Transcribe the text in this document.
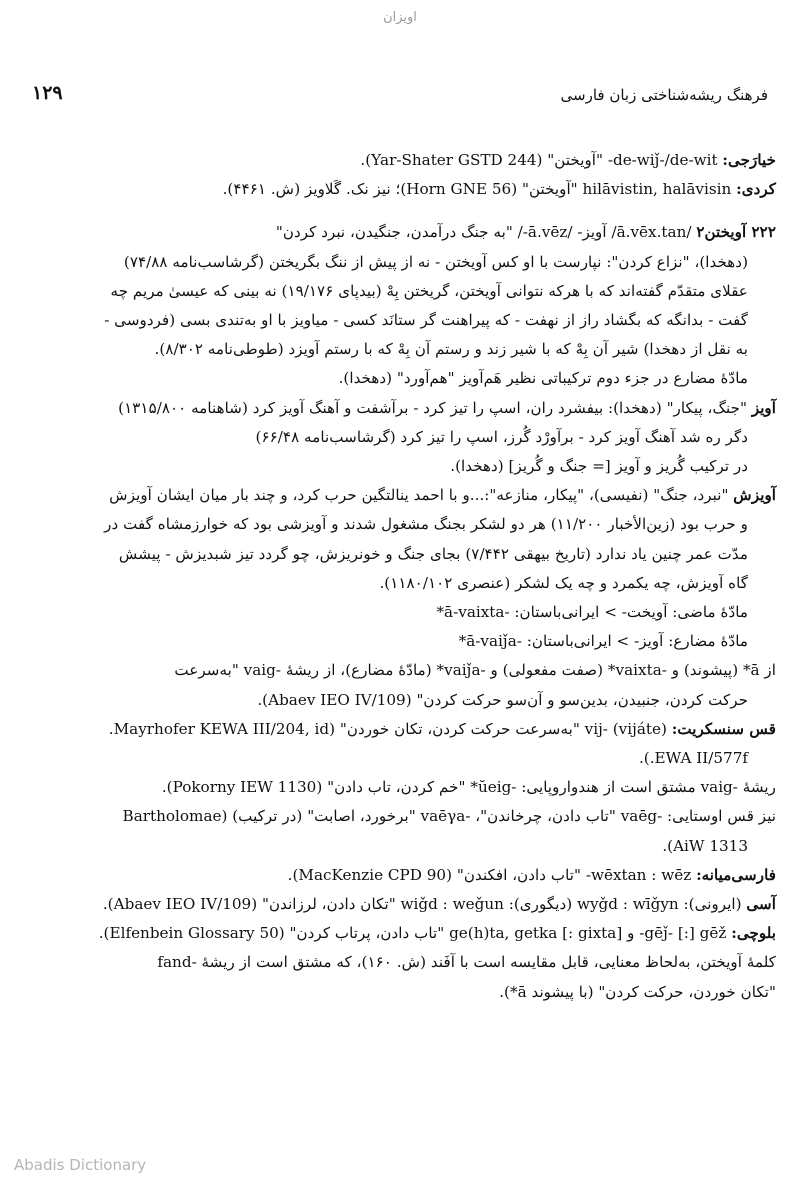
اویزان
۱۲۹	فرهنگ ریشه‌شناختی زبان فارسی

خیارَجی: de-wiǰ-/de-wit- "آویختن" (Yar-Shater GSTD 244).

کردی: hilāvistin, halāvisin "آویختن" (Horn GNE 56)؛ نیز نک. گَلاویز (ش. ۴۴۶۱).

۲۲۲ آویختن۲ /ā.vēx.tan/ آویز- /ā.vēz-/ "به جنگ درآمدن، جنگیدن، نبرد کردن"

(دهخدا)، "نزاع کردن": نپارست با او کس آویختن - نه از پیش از ننگ بگریختن (گرشاسب‌نامه ۷۴/۸۸)

عقلای متقدّم گفته‌اند که با هرکه نتوانی آویختن، گریختن بِهْ (بیدپای ۱۹/۱۷۶) نه بینی که عیسیٰ مریم چه

گفت - بدانگه که بگشاد راز از نهفت - که پیراهنت گر ستانَد کسی - میاویز با او به‌تندی بسی (فردوسی -

به نقل از دهخدا) شیر آن بِهْ که با شیر زند و رستم آن بِهْ که با رستم آویزد (طوطی‌نامه ۸/۳۰۲).

مادّهٔ مضارع در جزء دوم ترکیباتی نظیر هَم‌آویز "هم‌آورد" (دهخدا).

آویز "جنگ، پیکار" (دهخدا): بیفشرد ران، اسپ را تیز کرد - برآشفت و آهنگ آویز کرد (شاهنامه ۱۳۱۵/۸۰۰)

دگر ره شد آهنگ آویز کرد - برآورْد گُرز، اسپ را تیز کرد (گرشاسب‌نامه ۶۶/۴۸)

در ترکیب گُریز و آویز [= جنگ و گُریز] (دهخدا).

آویزش "نبرد، جنگ" (نفیسی)، "پیکار، منازعه":...و با احمد ینالتگین حرب کرد، و چند بار میان ایشان آویزش

و حرب بود (زین‌الأخبار ۱۱/۲۰۰) هر دو لشکر بجنگ مشغول شدند و آویزشی بود که خوارزمشاه گفت در

مدّت عمر چنین یاد ندارد (تاریخ بیهقی ۷/۴۴۲) بجای جنگ و خونریزش، چو گردد تیز شبدیزش - پیشش

گاه آویزش، چه یکمرد و چه یک لشکر (عنصری ۱۱۸۰/۱۰۲).

مادّهٔ ماضی: آویخت- > ایرانی‌باستان: -ā-vaixta*

مادّهٔ مضارع: آویز- > ایرانی‌باستان: -ā-vaiǰa*

از ā* (پیشوند) و -vaixta* (صفت مفعولی) و -vaiǰa* (مادّهٔ مضارع)، از ریشهٔ -vaig "به‌سرعت

حرکت کردن، جنبیدن، بدین‌سو و آن‌سو حرکت کردن" (Abaev IEO IV/109).

قس سنسکریت: vij- (vijáte) "به‌سرعت حرکت کردن، تکان خوردن" (Mayrhofer KEWA III/204, id.

EWA II/577f.).

ریشهٔ -vaig مشتق است از هندواروپایی: -ŭeig* "خم کردن، تاب دادن" (Pokorny IEW 1130).

نیز قس اوستایی: -vaēg "تاب دادن، چرخاندن"، -vaēγa "برخورد، اصابت" (در ترکیب) (Bartholomae

AiW 1313).

فارسی‌میانه: wēxtan : wēz- "تاب دادن، افکندن" (MacKenzie CPD 90).

آسی (ایرونی): wyǧd : wīǧyn (دیگوری): wiǧd : weǧun "تکان دادن، لرزاندن" (Abaev IEO IV/109).

بلوچی: gēǰ- [:] gēž- و [gixta :] ge(h)ta, getka "تاب دادن، پرتاب کردن" (Elfenbein Glossary 50).

کلمهٔ آویختن، به‌لحاظ معنایی، قابل مقایسه است با آفَند (ش. ۱۶۰)، که مشتق است از ریشهٔ -fand

"تکان خوردن، حرکت کردن" (با پیشوند ā*).

Abadis Dictionary
